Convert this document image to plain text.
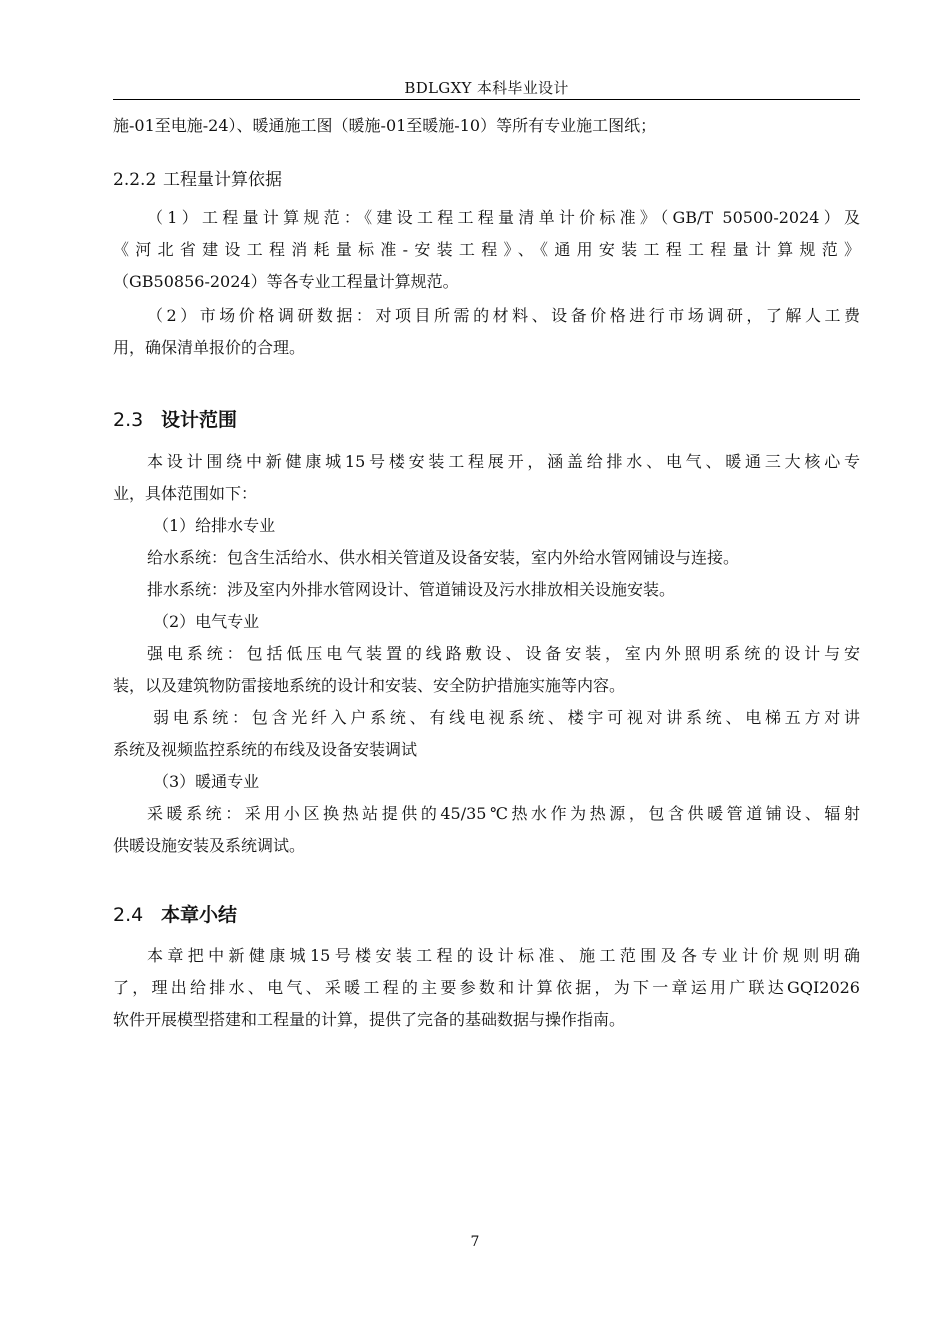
BDLGXY 本科毕业设计
施-01至电施-24）、暖通施工图（暖施-01至暖施-10）等所有专业施工图纸；
2.2.2 工程量计算依据
（1）工程量计算规范：《建设工程工程量清单计价标准》（GB/T 50500-2024）及
《河北省建设工程消耗量标准-安装工程》、《通用安装工程工程量计算规范》
（GB50856-2024）等各专业工程量计算规范。
（2）市场价格调研数据：对项目所需的材料、设备价格进行市场调研，了解人工费
用，确保清单报价的合理。
2.3 设计范围
本设计围绕中新健康城15号楼安装工程展开，涵盖给排水、电气、暖通三大核心专
业，具体范围如下：
（1）给排水专业
给水系统：包含生活给水、供水相关管道及设备安装，室内外给水管网铺设与连接。
排水系统：涉及室内外排水管网设计、管道铺设及污水排放相关设施安装。
（2）电气专业
强电系统：包括低压电气装置的线路敷设、设备安装，室内外照明系统的设计与安
装，以及建筑物防雷接地系统的设计和安装、安全防护措施实施等内容。
弱电系统：包含光纤入户系统、有线电视系统、楼宇可视对讲系统、电梯五方对讲
系统及视频监控系统的布线及设备安装调试
（3）暖通专业
采暖系统：采用小区换热站提供的45/35℃热水作为热源，包含供暖管道铺设、辐射
供暖设施安装及系统调试。
2.4 本章小结
本章把中新健康城15号楼安装工程的设计标准、施工范围及各专业计价规则明确
了，理出给排水、电气、采暖工程的主要参数和计算依据，为下一章运用广联达GQI2026
软件开展模型搭建和工程量的计算，提供了完备的基础数据与操作指南。
7
